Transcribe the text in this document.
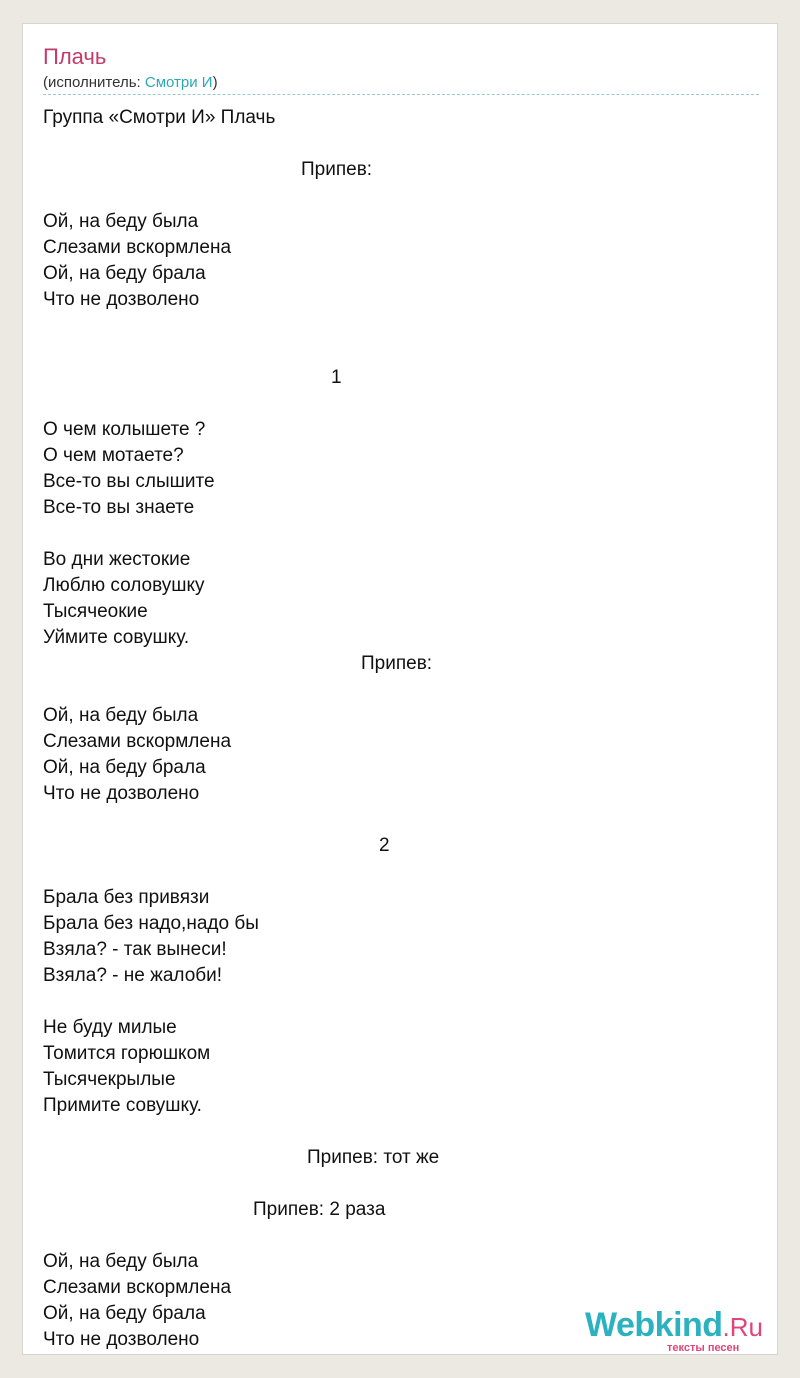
Плачь
(исполнитель: Смотри И)
Группа «Смотри И» Плачь
Припев:
Ой, на беду была
Слезами вскормлена
Ой, на беду брала
Что не дозволено
1
О чем колышете ?
О чем мотаете?
Все-то вы слышите
Все-то вы знаете
Во дни жестокие
Люблю соловушку
Тысячеокие
Уймите совушку.
Припев:
Ой, на беду была
Слезами вскормлена
Ой, на беду брала
Что не дозволено
2
Брала без привязи
Брала без надо,надо бы
Взяла? - так вынеси!
Взяла? - не жалоби!
Не буду милые
Томится горюшком
Тысячекрылые
Примите совушку.
Припев: тот же
Припев: 2 раза
Ой, на беду была
Слезами вскормлена
Ой, на беду брала
Что не дозволено	Webkind.Ru
тексты песен
